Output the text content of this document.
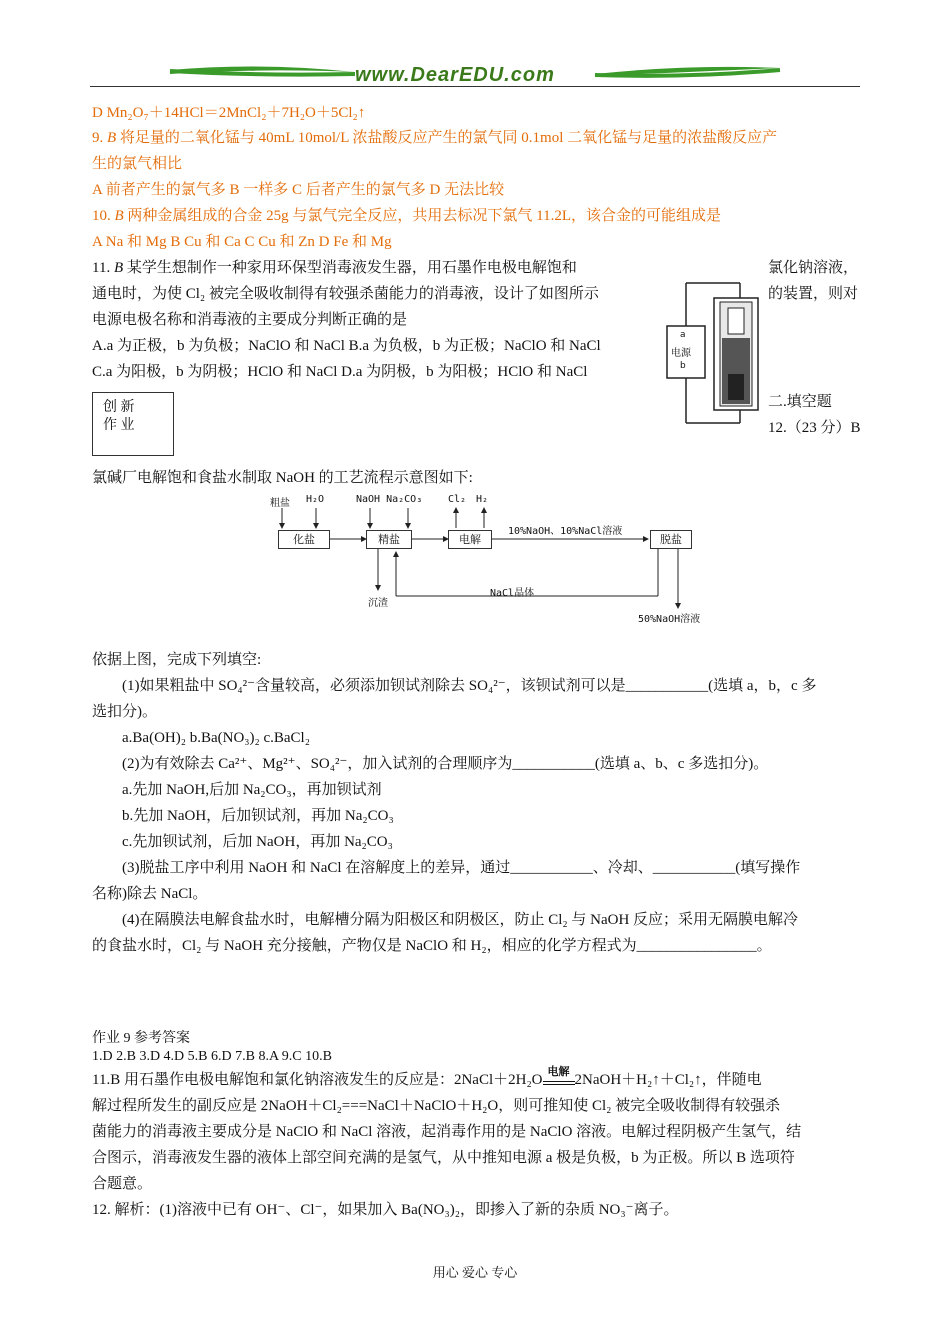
www.DearEDU.com
D Mn₂O₇＋14HCl＝2MnCl₂＋7H₂O＋5Cl₂↑
9. B 将足量的二氧化锰与 40mL 10mol/L 浓盐酸反应产生的氯气同 0.1mol 二氧化锰与足量的浓盐酸反应产
生的氯气相比
A 前者产生的氯气多 B 一样多 C 后者产生的氯气多 D 无法比较
10. B 两种金属组成的合金 25g 与氯气完全反应，共用去标况下氯气 11.2L，该合金的可能组成是
A Na 和 Mg B Cu 和 Ca C Cu 和 Zn D Fe 和 Mg
11. B 某学生想制作一种家用环保型消毒液发生器，用石墨作电极电解饱和	氯化钠溶液，
通电时，为使 Cl₂ 被完全吸收制得有较强杀菌能力的消毒液，设计了如图所示	的装置，则对
电源电极名称和消毒液的主要成分判断正确的是
A.a 为正极，b 为负极；NaClO 和 NaCl B.a 为负极，b 为正极；NaClO 和 NaCl
C.a 为阳极，b 为阴极；HClO 和 NaCl D.a 为阴极，b 为阳极；HClO 和 NaCl
a
电源
b
创 新
作 业
二.填空题
12.（23 分）B
氯碱厂电解饱和食盐水制取 NaOH 的工艺流程示意图如下:
粗盐 H₂O	NaOH Na₂CO₃	Cl₂ H₂
化盐	精盐	电解	脱盐
10%NaOH、10%NaCl溶液
NaCl晶体
沉渣
50%NaOH溶液
依据上图，完成下列填空:
(1)如果粗盐中 SO₄²⁻含量较高，必须添加钡试剂除去 SO₄²⁻，该钡试剂可以是___________(选填 a，b，c 多
选扣分)。
a.Ba(OH)₂ b.Ba(NO₃)₂ c.BaCl₂
(2)为有效除去 Ca²⁺、Mg²⁺、SO₄²⁻，加入试剂的合理顺序为___________(选填 a、b、c 多选扣分)。
a.先加 NaOH,后加 Na₂CO₃，再加钡试剂
b.先加 NaOH，后加钡试剂，再加 Na₂CO₃
c.先加钡试剂，后加 NaOH，再加 Na₂CO₃
(3)脱盐工序中利用 NaOH 和 NaCl 在溶解度上的差异，通过___________、冷却、___________(填写操作
名称)除去 NaCl。
(4)在隔膜法电解食盐水时，电解槽分隔为阳极区和阴极区，防止 Cl₂ 与 NaOH 反应；采用无隔膜电解冷
的食盐水时，Cl₂ 与 NaOH 充分接触，产物仅是 NaClO 和 H₂，相应的化学方程式为________________。
作业 9 参考答案
1.D 2.B 3.D 4.D 5.B 6.D 7.B 8.A 9.C 10.B
11.B 用石墨作电极电解饱和氯化钠溶液发生的反应是：2NaCl＋2H₂O 电解 2NaOH＋H₂↑＋Cl₂↑，伴随电
解过程所发生的副反应是 2NaOH＋Cl₂===NaCl＋NaClO＋H₂O，则可推知使 Cl₂ 被完全吸收制得有较强杀
菌能力的消毒液主要成分是 NaClO 和 NaCl 溶液，起消毒作用的是 NaClO 溶液。电解过程阴极产生氢气，结
合图示，消毒液发生器的液体上部空间充满的是氢气，从中推知电源 a 极是负极，b 为正极。所以 B 选项符
合题意。
12. 解析：(1)溶液中已有 OH⁻、Cl⁻，如果加入 Ba(NO₃)₂，即掺入了新的杂质 NO₃⁻离子。
用心 爱心 专心
